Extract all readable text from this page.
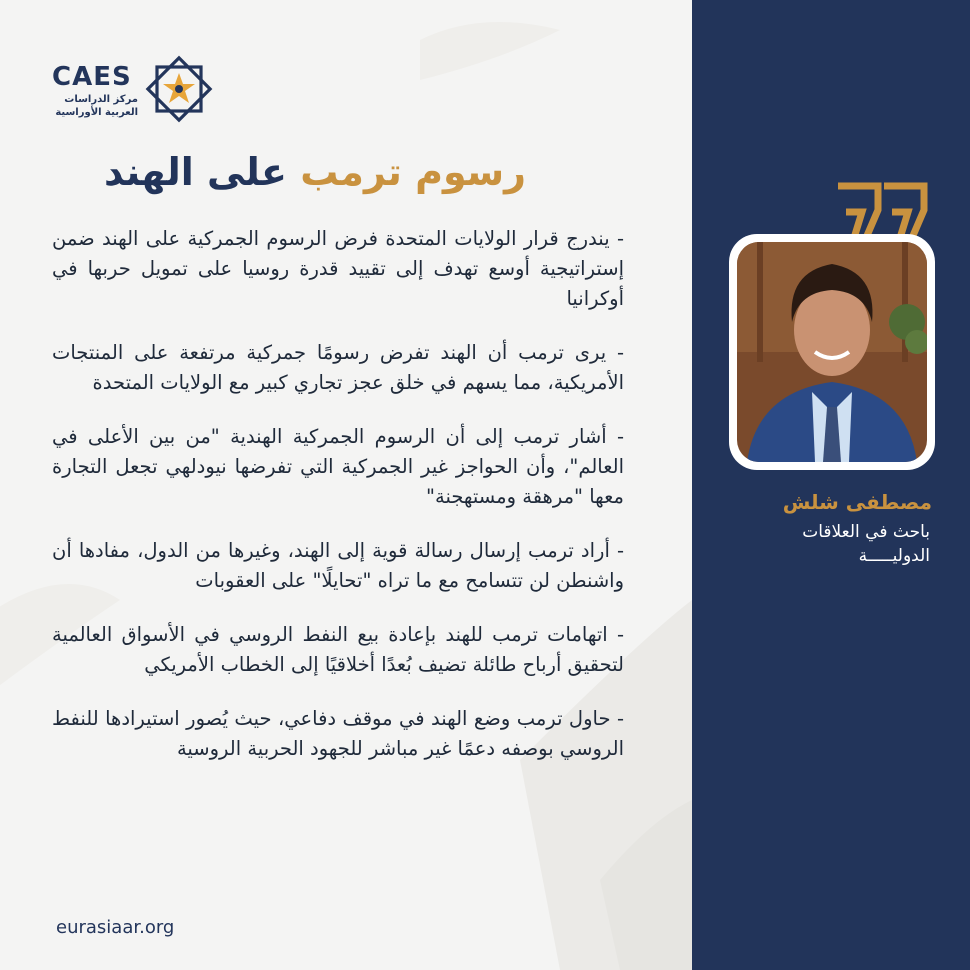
CAES
مركز الدراسات
العربية الأوراسية
رسوم ترمب على الهند

- يندرج قرار الولايات المتحدة فرض الرسوم الجمركية على الهند ضمن إستراتيجية أوسع تهدف إلى تقييد قدرة روسيا على تمويل حربها في أوكرانيا

- يرى ترمب أن الهند تفرض رسومًا جمركية مرتفعة على المنتجات الأمريكية، مما يسهم في خلق عجز تجاري كبير مع الولايات المتحدة

- أشار ترمب إلى أن الرسوم الجمركية الهندية "من بين الأعلى في العالم"، وأن الحواجز غير الجمركية التي تفرضها نيودلهي تجعل التجارة معها "مرهقة ومستهجنة"

- أراد ترمب إرسال رسالة قوية إلى الهند، وغيرها من الدول، مفادها أن واشنطن لن تتسامح مع ما تراه "تحايلًا" على العقوبات

- اتهامات ترمب للهند بإعادة بيع النفط الروسي في الأسواق العالمية لتحقيق أرباح طائلة تضيف بُعدًا أخلاقيًا إلى الخطاب الأمريكي

- حاول ترمب وضع الهند في موقف دفاعي، حيث يُصور استيرادها للنفط الروسي بوصفه دعمًا غير مباشر للجهود الحربية الروسية

eurasiaar.org
مصطفى شلش
باحث في العلاقات
الدوليـــــة
